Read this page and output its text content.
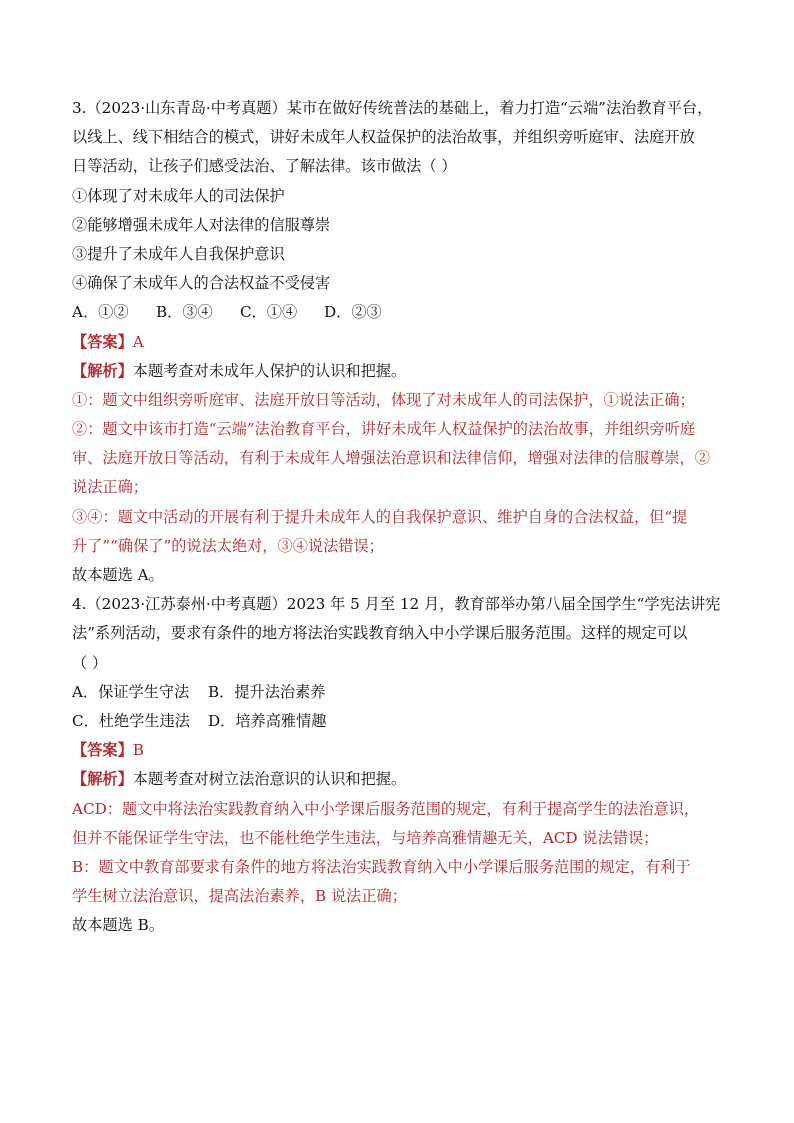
3.（2023·山东青岛·中考真题）某市在做好传统普法的基础上，着力打造“云端”法治教育平台，
以线上、线下相结合的模式，讲好未成年人权益保护的法治故事，并组织旁听庭审、法庭开放
日等活动，让孩子们感受法治、了解法律。该市做法（ ）
①体现了对未成年人的司法保护
②能够增强未成年人对法律的信服尊崇
③提升了未成年人自我保护意识
④确保了未成年人的合法权益不受侵害
A．①② B．③④ C．①④ D．②③
【答案】A
【解析】本题考查对未成年人保护的认识和把握。
①：题文中组织旁听庭审、法庭开放日等活动，体现了对未成年人的司法保护，①说法正确；
②：题文中该市打造“云端”法治教育平台，讲好未成年人权益保护的法治故事，并组织旁听庭
审、法庭开放日等活动，有利于未成年人增强法治意识和法律信仰，增强对法律的信服尊崇，②
说法正确；
③④：题文中活动的开展有利于提升未成年人的自我保护意识、维护自身的合法权益，但“提
升了”“确保了”的说法太绝对，③④说法错误；
故本题选 A。
4.（2023·江苏泰州·中考真题）2023 年 5 月至 12 月，教育部举办第八届全国学生“学宪法讲宪
法”系列活动，要求有条件的地方将法治实践教育纳入中小学课后服务范围。这样的规定可以
（ ）
A．保证学生守法 B．提升法治素养
C．杜绝学生违法 D．培养高雅情趣
【答案】B
【解析】本题考查对树立法治意识的认识和把握。
ACD：题文中将法治实践教育纳入中小学课后服务范围的规定，有利于提高学生的法治意识，
但并不能保证学生守法，也不能杜绝学生违法，与培养高雅情趣无关，ACD 说法错误；
B：题文中教育部要求有条件的地方将法治实践教育纳入中小学课后服务范围的规定，有利于
学生树立法治意识，提高法治素养，B 说法正确；
故本题选 B。
